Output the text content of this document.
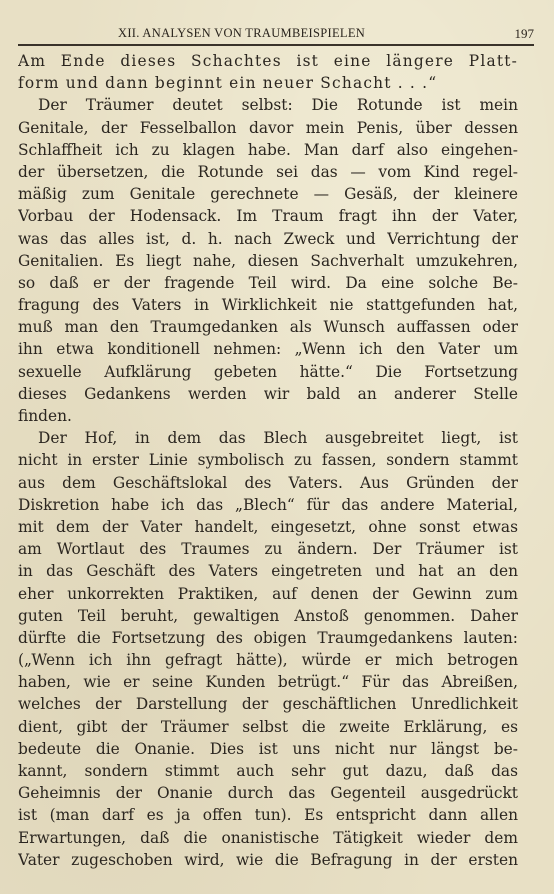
XII. ANALYSEN VON TRAUMBEISPIELEN	197
Am Ende dieses Schachtes ist eine längere Platt-
form und dann beginnt ein neuer Schacht . . .“
Der Träumer deutet selbst: Die Rotunde ist mein
Genitale, der Fesselballon davor mein Penis, über dessen
Schlaffheit ich zu klagen habe. Man darf also eingehen-
der übersetzen, die Rotunde sei das — vom Kind regel-
mäßig zum Genitale gerechnete — Gesäß, der kleinere
Vorbau der Hodensack. Im Traum fragt ihn der Vater,
was das alles ist, d. h. nach Zweck und Verrichtung der
Genitalien. Es liegt nahe, diesen Sachverhalt umzukehren,
so daß er der fragende Teil wird. Da eine solche Be-
fragung des Vaters in Wirklichkeit nie stattgefunden hat,
muß man den Traumgedanken als Wunsch auffassen oder
ihn etwa konditionell nehmen: „Wenn ich den Vater um
sexuelle Aufklärung gebeten hätte.“ Die Fortsetzung
dieses Gedankens werden wir bald an anderer Stelle
finden.
Der Hof, in dem das Blech ausgebreitet liegt, ist
nicht in erster Linie symbolisch zu fassen, sondern stammt
aus dem Geschäftslokal des Vaters. Aus Gründen der
Diskretion habe ich das „Blech“ für das andere Material,
mit dem der Vater handelt, eingesetzt, ohne sonst etwas
am Wortlaut des Traumes zu ändern. Der Träumer ist
in das Geschäft des Vaters eingetreten und hat an den
eher unkorrekten Praktiken, auf denen der Gewinn zum
guten Teil beruht, gewaltigen Anstoß genommen. Daher
dürfte die Fortsetzung des obigen Traumgedankens lauten:
(„Wenn ich ihn gefragt hätte), würde er mich betrogen
haben, wie er seine Kunden betrügt.“ Für das Abreißen,
welches der Darstellung der geschäftlichen Unredlichkeit
dient, gibt der Träumer selbst die zweite Erklärung, es
bedeute die Onanie. Dies ist uns nicht nur längst be-
kannt, sondern stimmt auch sehr gut dazu, daß das
Geheimnis der Onanie durch das Gegenteil ausgedrückt
ist (man darf es ja offen tun). Es entspricht dann allen
Erwartungen, daß die onanistische Tätigkeit wieder dem
Vater zugeschoben wird, wie die Befragung in der ersten
